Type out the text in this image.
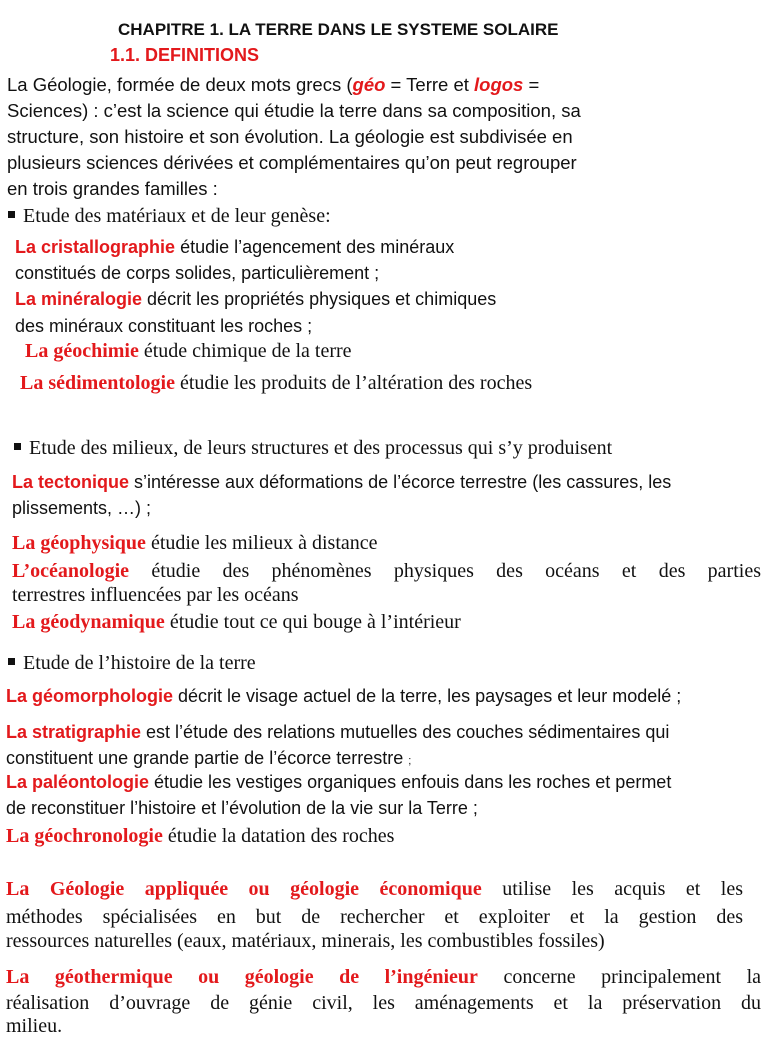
CHAPITRE 1. LA TERRE DANS LE SYSTEME SOLAIRE
1.1. DEFINITIONS
La Géologie, formée de deux mots grecs (géo = Terre et logos =
Sciences) : c’est la science qui étudie la terre dans sa composition, sa
structure, son histoire et son évolution. La géologie est subdivisée en
plusieurs sciences dérivées et complémentaires qu’on peut regrouper
en trois grandes familles :
Etude des matériaux et de leur genèse:
La cristallographie étudie l’agencement des minéraux
constitués de corps solides, particulièrement ;
La minéralogie décrit les propriétés physiques et chimiques
des minéraux constituant les roches ;
La géochimie étude chimique de la terre
La sédimentologie étudie les produits de l’altération des roches
Etude des milieux, de leurs structures et des processus qui s’y produisent
La tectonique s’intéresse aux déformations de l’écorce terrestre (les cassures, les
plissements, …) ;
La géophysique étudie les milieux à distance
L’océanologie étudie des phénomènes physiques des océans et des parties
terrestres influencées par les océans
La géodynamique étudie tout ce qui bouge à l’intérieur
Etude de l’histoire de la terre
La géomorphologie décrit le visage actuel de la terre, les paysages et leur modelé ;
La stratigraphie est l’étude des relations mutuelles des couches sédimentaires qui
constituent une grande partie de l’écorce terrestre ;
La paléontologie étudie les vestiges organiques enfouis dans les roches et permet
de reconstituer l’histoire et l’évolution de la vie sur la Terre ;
La géochronologie étudie la datation des roches
La Géologie appliquée ou géologie économique utilise les acquis et les
méthodes spécialisées en but de rechercher et exploiter et la gestion des
ressources naturelles (eaux, matériaux, minerais, les combustibles fossiles)
La géothermique ou géologie de l’ingénieur concerne principalement la
réalisation d’ouvrage de génie civil, les aménagements et la préservation du
milieu.
